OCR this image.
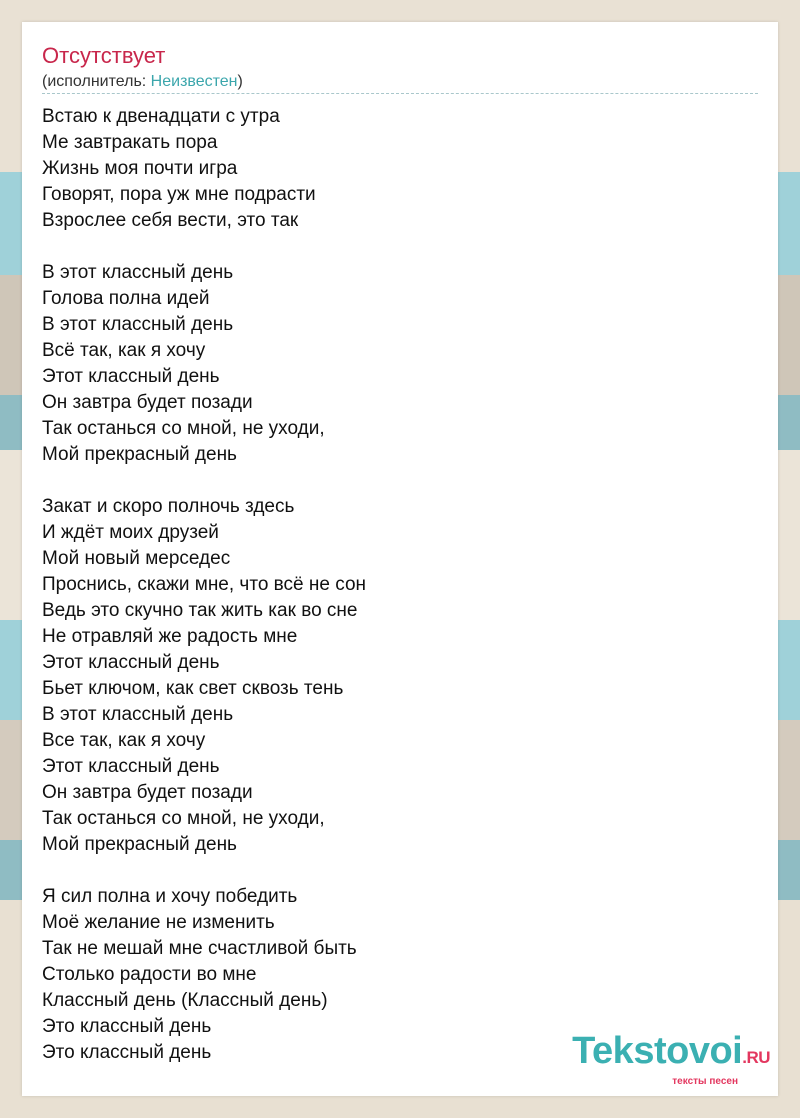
Отсутствует
(исполнитель: Неизвестен)
Встаю к двенадцати с утра
Ме завтракать пора
Жизнь моя почти игра
Говорят, пора уж мне подрасти
Взрослее себя вести, это так
В этот классный день
Голова полна идей
В этот классный день
Всё так, как я хочу
Этот классный день
Он завтра будет позади
Так останься со мной, не уходи,
Мой прекрасный день
Закат и скоро полночь здесь
И ждёт моих друзей
Мой новый мерседес
Проснись, скажи мне, что всё не сон
Ведь это скучно так жить как во сне
Не отравляй же радость мне
Этот классный день
Бьет ключом, как свет сквозь тень
В этот классный день
Все так, как я хочу
Этот классный день
Он завтра будет позади
Так останься со мной, не уходи,
Мой прекрасный день
Я сил полна и хочу победить
Моё желание не изменить
Так не мешай мне счастливой быть
Столько радости во мне
Классный день (Классный день)
Это классный день
Это классный день	Tekstovoi.RU
тексты песен
